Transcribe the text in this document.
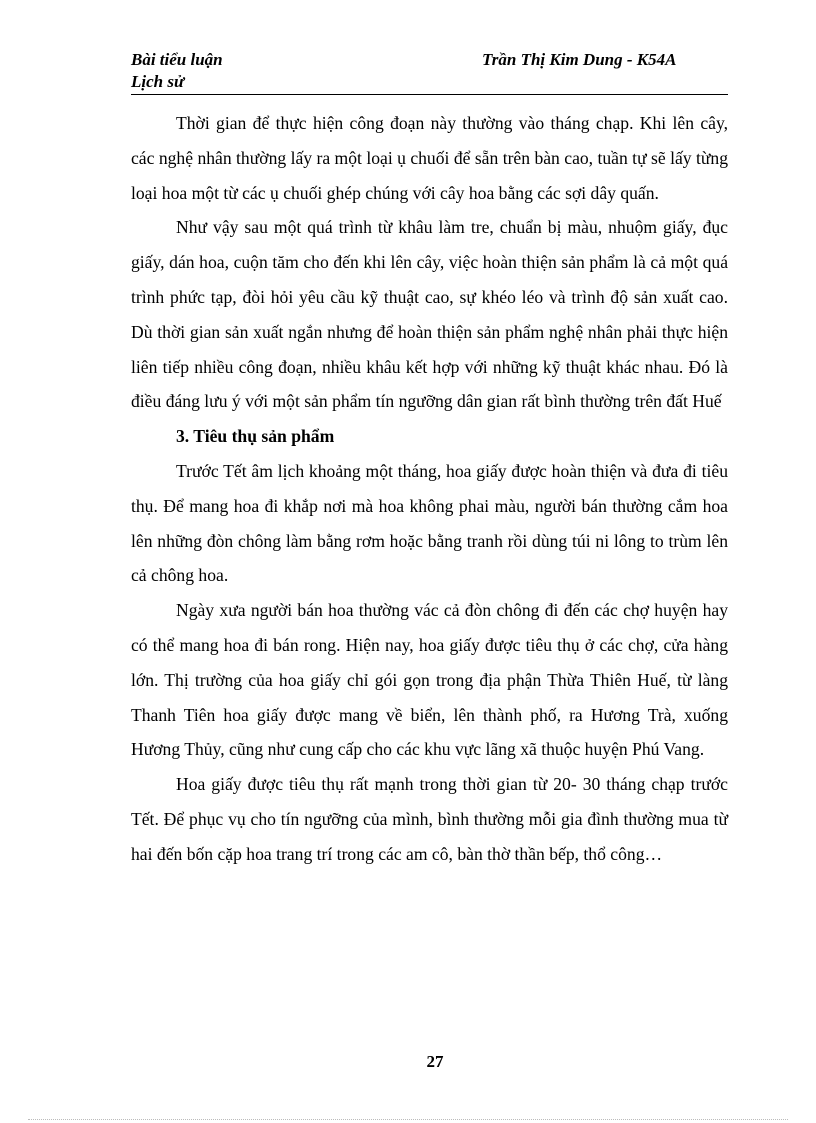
Bài tiểu luận	Trần Thị Kim Dung - K54A
Lịch sử

Thời gian để thực hiện công đoạn này thường vào tháng chạp. Khi lên cây, các nghệ nhân thường lấy ra một loại ụ chuối để sẵn trên bàn cao, tuần tự sẽ lấy từng loại hoa một từ các ụ chuối ghép chúng với cây hoa bằng các sợi dây quấn.

Như vậy sau một quá trình từ khâu làm tre, chuẩn bị màu, nhuộm giấy, đục giấy, dán hoa, cuộn tăm cho đến khi lên cây, việc hoàn thiện sản phẩm là cả một quá trình phức tạp, đòi hỏi yêu cầu kỹ thuật cao, sự khéo léo và trình độ sản xuất cao. Dù thời gian sản xuất ngắn nhưng để hoàn thiện sản phẩm nghệ nhân phải thực hiện liên tiếp nhiều công đoạn, nhiều khâu kết hợp với những kỹ thuật khác nhau. Đó là điều đáng lưu ý với một sản phẩm tín ngưỡng dân gian rất bình thường trên đất Huế

3. Tiêu thụ sản phẩm

Trước Tết âm lịch khoảng một tháng, hoa giấy được hoàn thiện và đưa đi tiêu thụ. Để mang hoa đi khắp nơi mà hoa không phai màu, người bán thường cắm hoa lên những đòn chông làm bằng rơm hoặc bằng tranh rồi dùng túi ni lông to trùm lên cả chông hoa.

Ngày xưa người bán hoa thường vác cả đòn chông đi đến các chợ huyện hay có thể mang hoa đi bán rong. Hiện nay, hoa giấy được tiêu thụ ở các chợ, cửa hàng lớn. Thị trường của hoa giấy chỉ gói gọn trong địa phận Thừa Thiên Huế, từ làng Thanh Tiên hoa giấy được mang về biển, lên thành phố, ra Hương Trà, xuống Hương Thủy, cũng như cung cấp cho các khu vực lãng xã thuộc huyện Phú Vang.

Hoa giấy được tiêu thụ rất mạnh trong thời gian từ 20- 30 tháng chạp trước Tết. Để phục vụ cho tín ngưỡng của mình, bình thường mỗi gia đình thường mua từ hai đến bốn cặp hoa trang trí trong các am cô, bàn thờ thần bếp, thổ công…

27
